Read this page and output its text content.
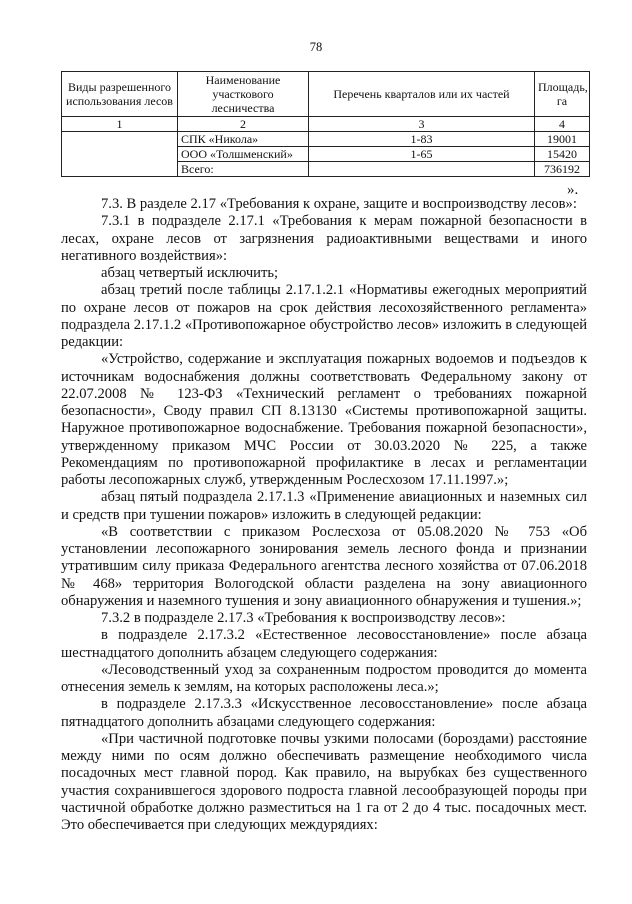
78
Виды разрешенного использования лесов	Наименование участкового лесничества	Перечень кварталов или их частей	Площадь, га
1	2	3	4
	СПК «Никола»	1-83	19001
	ООО «Толшменский»	1-65	15420
	Всего:		736192
».

7.3. В разделе 2.17 «Требования к охране, защите и воспроизводству лесов»:

7.3.1 в подразделе 2.17.1 «Требования к мерам пожарной безопасности в лесах, охране лесов от загрязнения радиоактивными веществами и иного негативного воздействия»:

абзац четвертый исключить;

абзац третий после таблицы 2.17.1.2.1 «Нормативы ежегодных мероприятий по охране лесов от пожаров на срок действия лесохозяйственного регламента» подраздела 2.17.1.2 «Противопожарное обустройство лесов» изложить в следующей редакции:

«Устройство, содержание и эксплуатация пожарных водоемов и подъездов к источникам водоснабжения должны соответствовать Федеральному закону от 22.07.2008 № 123-ФЗ «Технический регламент о требованиях пожарной безопасности», Своду правил СП 8.13130 «Системы противопожарной защиты. Наружное противопожарное водоснабжение. Требования пожарной безопасности», утвержденному приказом МЧС России от 30.03.2020 № 225, а также Рекомендациям по противопожарной профилактике в лесах и регламентации работы лесопожарных служб, утвержденным Рослесхозом 17.11.1997.»;

абзац пятый подраздела 2.17.1.3 «Применение авиационных и наземных сил и средств при тушении пожаров» изложить в следующей редакции:

«В соответствии с приказом Рослесхоза от 05.08.2020 № 753 «Об установлении лесопожарного зонирования земель лесного фонда и признании утратившим силу приказа Федерального агентства лесного хозяйства от 07.06.2018 № 468» территория Вологодской области разделена на зону авиационного обнаружения и наземного тушения и зону авиационного обнаружения и тушения.»;

7.3.2 в подразделе 2.17.3 «Требования к воспроизводству лесов»:

в подразделе 2.17.3.2 «Естественное лесовосстановление» после абзаца шестнадцатого дополнить абзацем следующего содержания:

«Лесоводственный уход за сохраненным подростом проводится до момента отнесения земель к землям, на которых расположены леса.»;

в подразделе 2.17.3.3 «Искусственное лесовосстановление» после абзаца пятнадцатого дополнить абзацами следующего содержания:

«При частичной подготовке почвы узкими полосами (бороздами) расстояние между ними по осям должно обеспечивать размещение необходимого числа посадочных мест главной пород. Как правило, на вырубках без существенного участия сохранившегося здорового подроста главной лесообразующей породы при частичной обработке должно разместиться на 1 га от 2 до 4 тыс. посадочных мест. Это обеспечивается при следующих междурядиях:
